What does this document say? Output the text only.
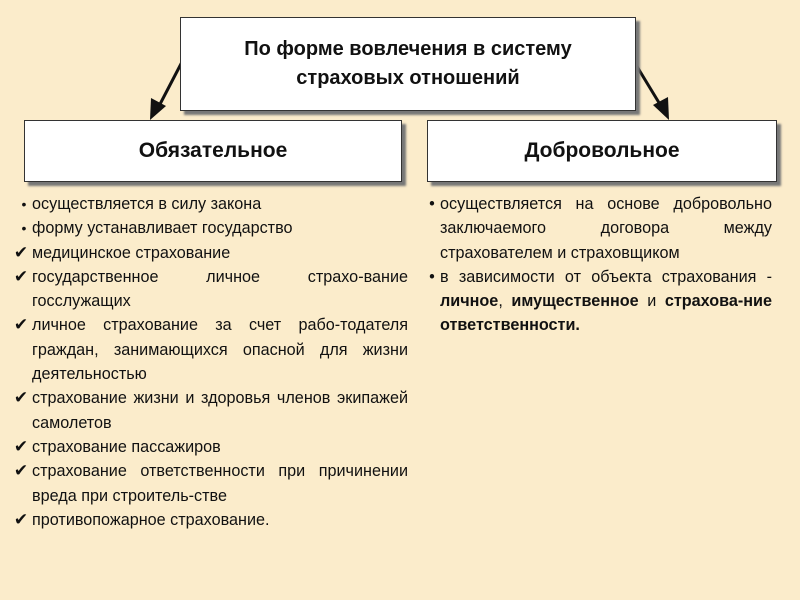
По форме вовлечения в систему
страховых отношений
Обязательное	Добровольное
• осуществляется в силу закона
• форму устанавливает государство
✔ медицинское страхование
✔ государственное личное страхо-вание госслужащих
✔ личное страхование за счет рабо-тодателя граждан, занимающихся опасной для жизни деятельностью
✔ страхование жизни и здоровья членов экипажей самолетов
✔ страхование пассажиров
✔ страхование ответственности при причинении вреда при строитель-стве
✔ противопожарное страхование.
• осуществляется на основе добровольно заключаемого договора между страхователем и страховщиком
• в зависимости от объекта страхования - личное, имущественное и страхова-ние ответственности.
